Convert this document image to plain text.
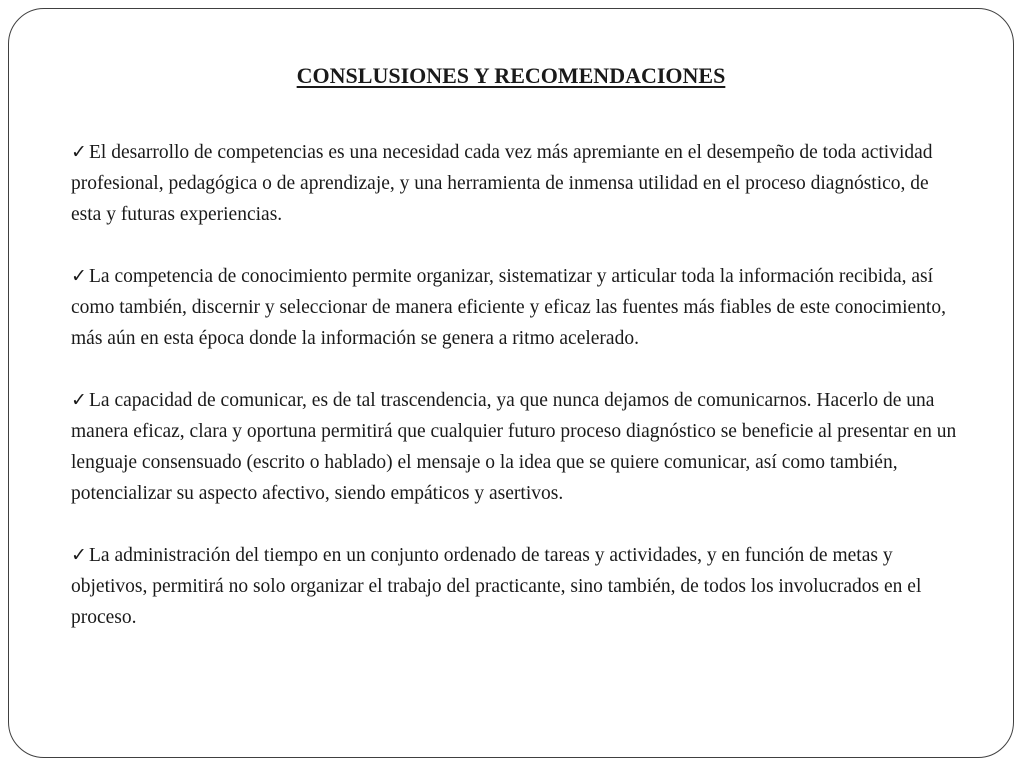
CONSLUSIONES Y RECOMENDACIONES

✓ El desarrollo de competencias es una necesidad cada vez más apremiante en el desempeño de toda actividad profesional, pedagógica o de aprendizaje, y una herramienta de inmensa utilidad en el proceso diagnóstico, de esta y futuras experiencias.

✓ La competencia de conocimiento permite organizar, sistematizar y articular toda la información recibida, así como también, discernir y seleccionar de manera eficiente y eficaz las fuentes más fiables de este conocimiento, más aún en esta época donde la información se genera a ritmo acelerado.

✓ La capacidad de comunicar, es de tal trascendencia, ya que nunca dejamos de comunicarnos. Hacerlo de una manera eficaz, clara y oportuna permitirá que cualquier futuro proceso diagnóstico se beneficie al presentar en un lenguaje consensuado (escrito o hablado) el mensaje o la idea que se quiere comunicar, así como también, potencializar su aspecto afectivo, siendo empáticos y asertivos.

✓ La administración del tiempo en un conjunto ordenado de tareas y actividades, y en función de metas y objetivos, permitirá no solo organizar el trabajo del practicante, sino también, de todos los involucrados en el proceso.
